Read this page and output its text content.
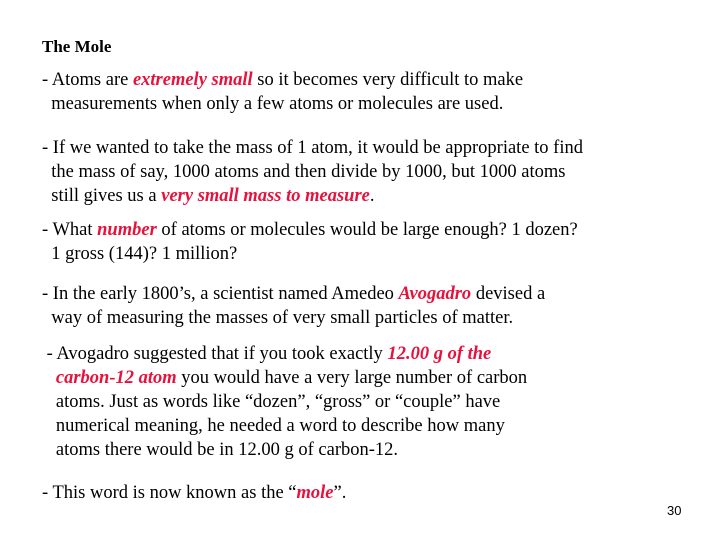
The Mole
- Atoms are extremely small so it becomes very difficult to make
measurements when only a few atoms or molecules are used.
- If we wanted to take the mass of 1 atom, it would be appropriate to find
the mass of say, 1000 atoms and then divide by 1000, but 1000 atoms
still gives us a very small mass to measure.
- What number of atoms or molecules would be large enough? 1 dozen?
1 gross (144)? 1 million?
- In the early 1800’s, a scientist named Amedeo Avogadro devised a
way of measuring the masses of very small particles of matter.
- Avogadro suggested that if you took exactly 12.00 g of the
carbon-12 atom you would have a very large number of carbon
atoms. Just as words like “dozen”, “gross” or “couple” have
numerical meaning, he needed a word to describe how many
atoms there would be in 12.00 g of carbon-12.
- This word is now known as the “mole”.
30
